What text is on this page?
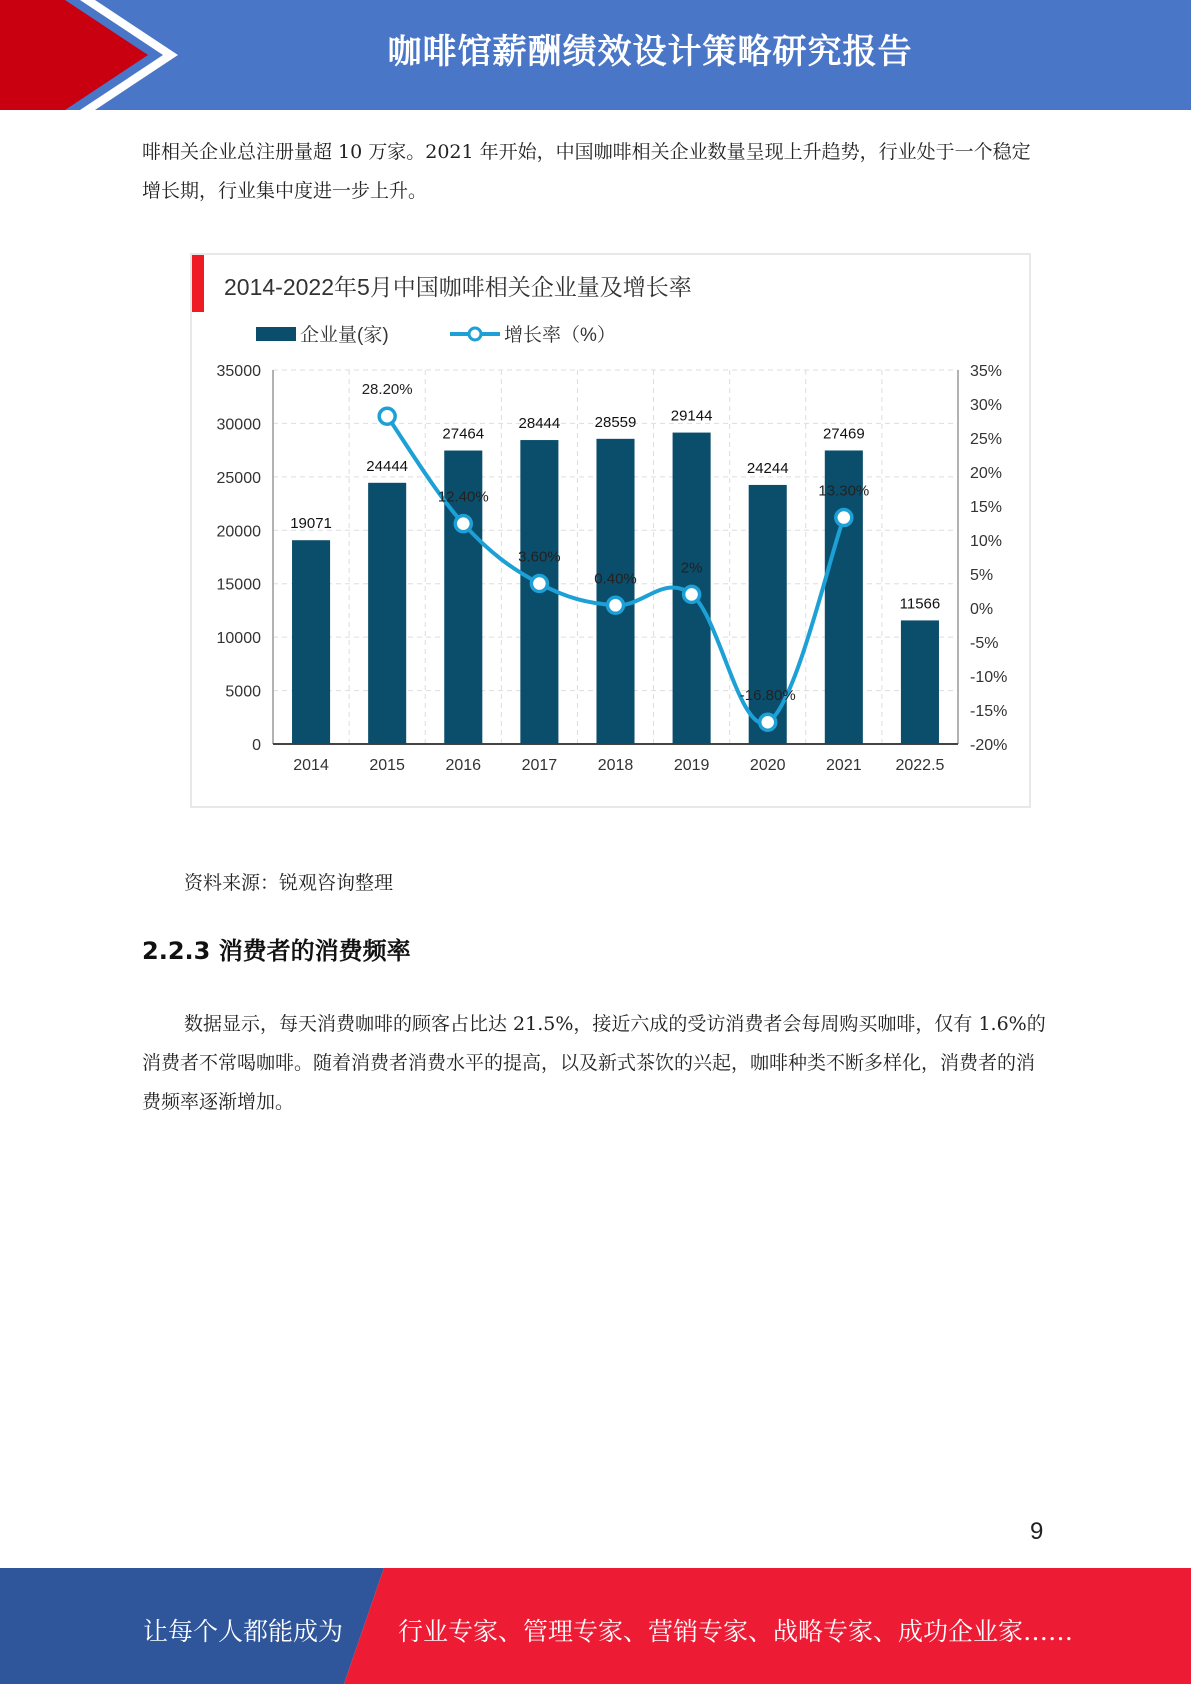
咖啡馆薪酬绩效设计策略研究报告

啡相关企业总注册量超 10 万家。2021 年开始，中国咖啡相关企业数量呈现上升趋势，行业处于一个稳定增长期，行业集中度进一步上升。

2014-2022年5月中国咖啡相关企业量及增长率
企业量(家)	增长率（%）
0
5000
10000
15000
20000
25000
30000
35000
-20%
-15%
-10%
-5%
0%
5%
10%
15%
20%
25%
30%
35%
19071
24444
27464
28444 28559 29144
24244
27469
11566
2014	2015	2016	2017	2018	2019	2020	2021 2022.5
28.20%
12.40%
3.60%
0.40%
2%
-16.80%
13.30%
资料来源：锐观咨询整理
2.2.3 消费者的消费频率

数据显示，每天消费咖啡的顾客占比达 21.5%，接近六成的受访消费者会每周购买咖啡，仅有 1.6%的消费者不常喝咖啡。随着消费者消费水平的提高，以及新式茶饮的兴起，咖啡种类不断多样化，消费者的消费频率逐渐增加。

9
让每个人都能成为 行业专家、管理专家、营销专家、战略专家、成功企业家……
